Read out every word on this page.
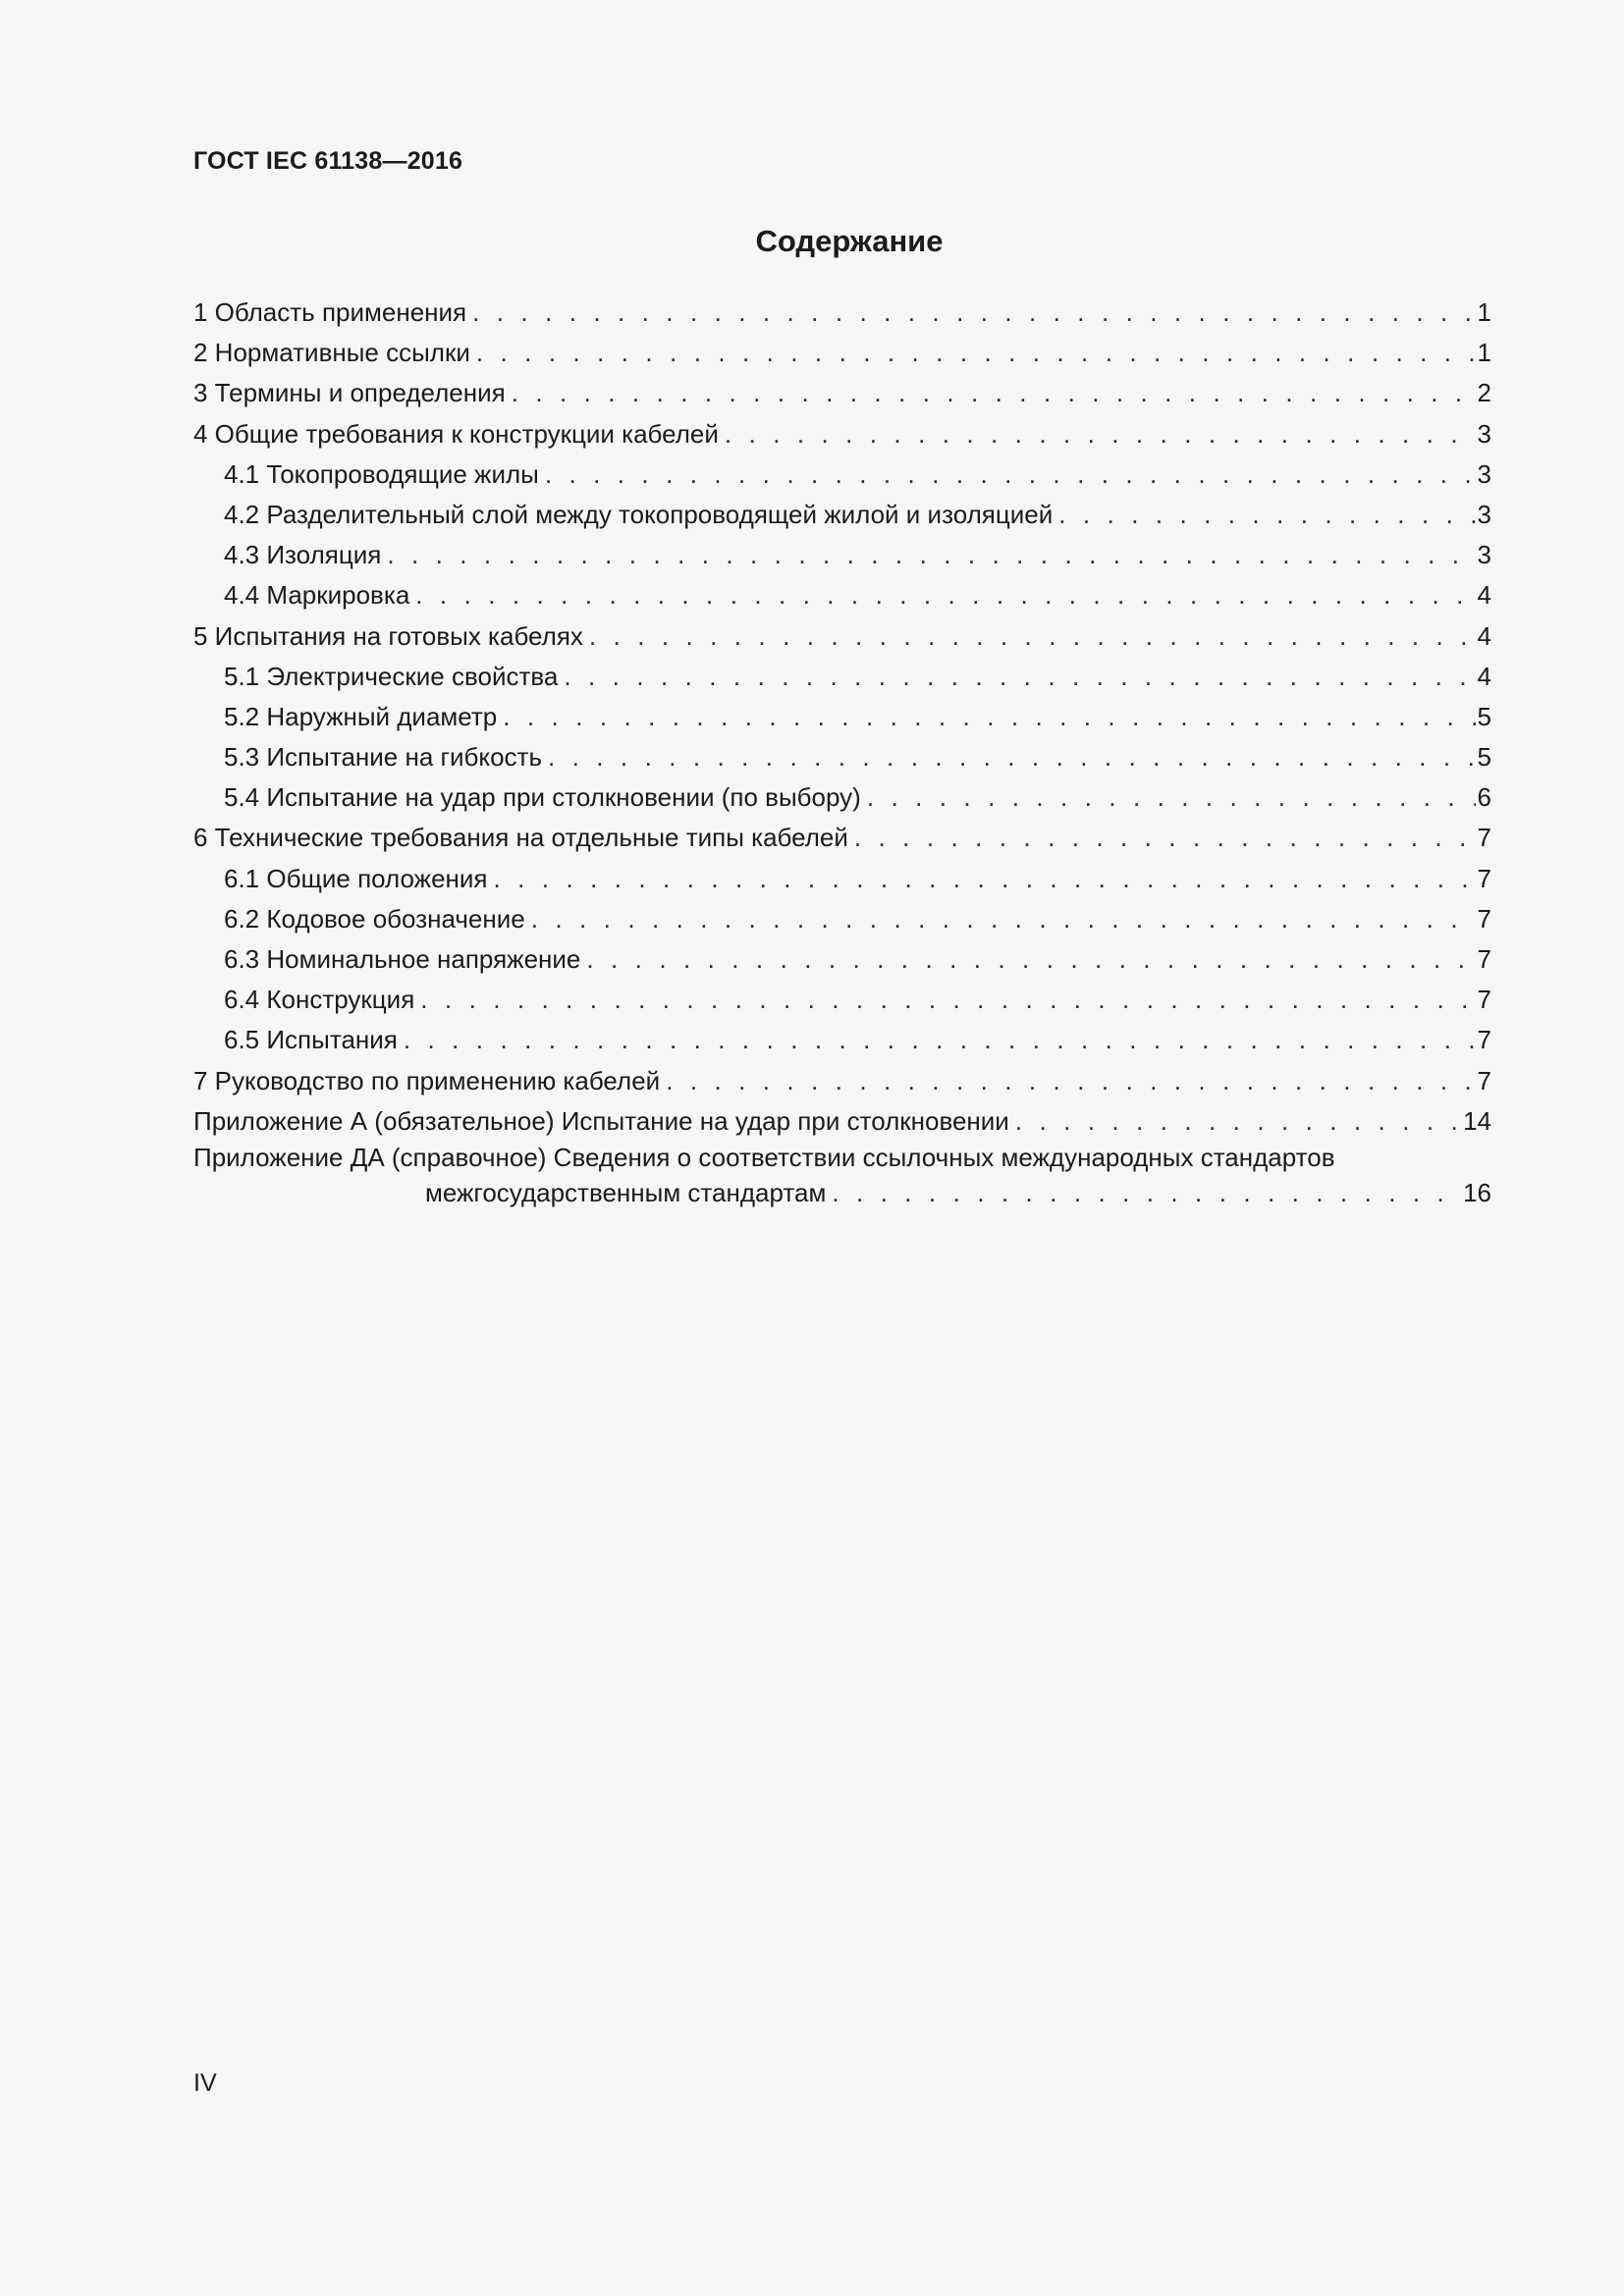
ГОСТ IEC 61138—2016
Содержание
1 Область применения . . .	1
2 Нормативные ссылки . . .	1
3 Термины и определения . . .	2
4 Общие требования к конструкции кабелей . . .	3
4.1 Токопроводящие жилы . . .	3
4.2 Разделительный слой между токопроводящей жилой и изоляцией . . .	3
4.3 Изоляция . . .	3
4.4 Маркировка . . .	4
5 Испытания на готовых кабелях . . .	4
5.1 Электрические свойства . . .	4
5.2 Наружный диаметр . . .	5
5.3 Испытание на гибкость . . .	5
5.4 Испытание на удар при столкновении (по выбору) . . .	6
6 Технические требования на отдельные типы кабелей . . .	7
6.1 Общие положения . . .	7
6.2 Кодовое обозначение . . .	7
6.3 Номинальное напряжение . . .	7
6.4 Конструкция . . .	7
6.5 Испытания . . .	7
7 Руководство по применению кабелей . . .	7
Приложение А (обязательное) Испытание на удар при столкновении . . .	14
Приложение ДА (справочное) Сведения о соответствии ссылочных международных стандартов
межгосударственным стандартам . . .	16
IV
